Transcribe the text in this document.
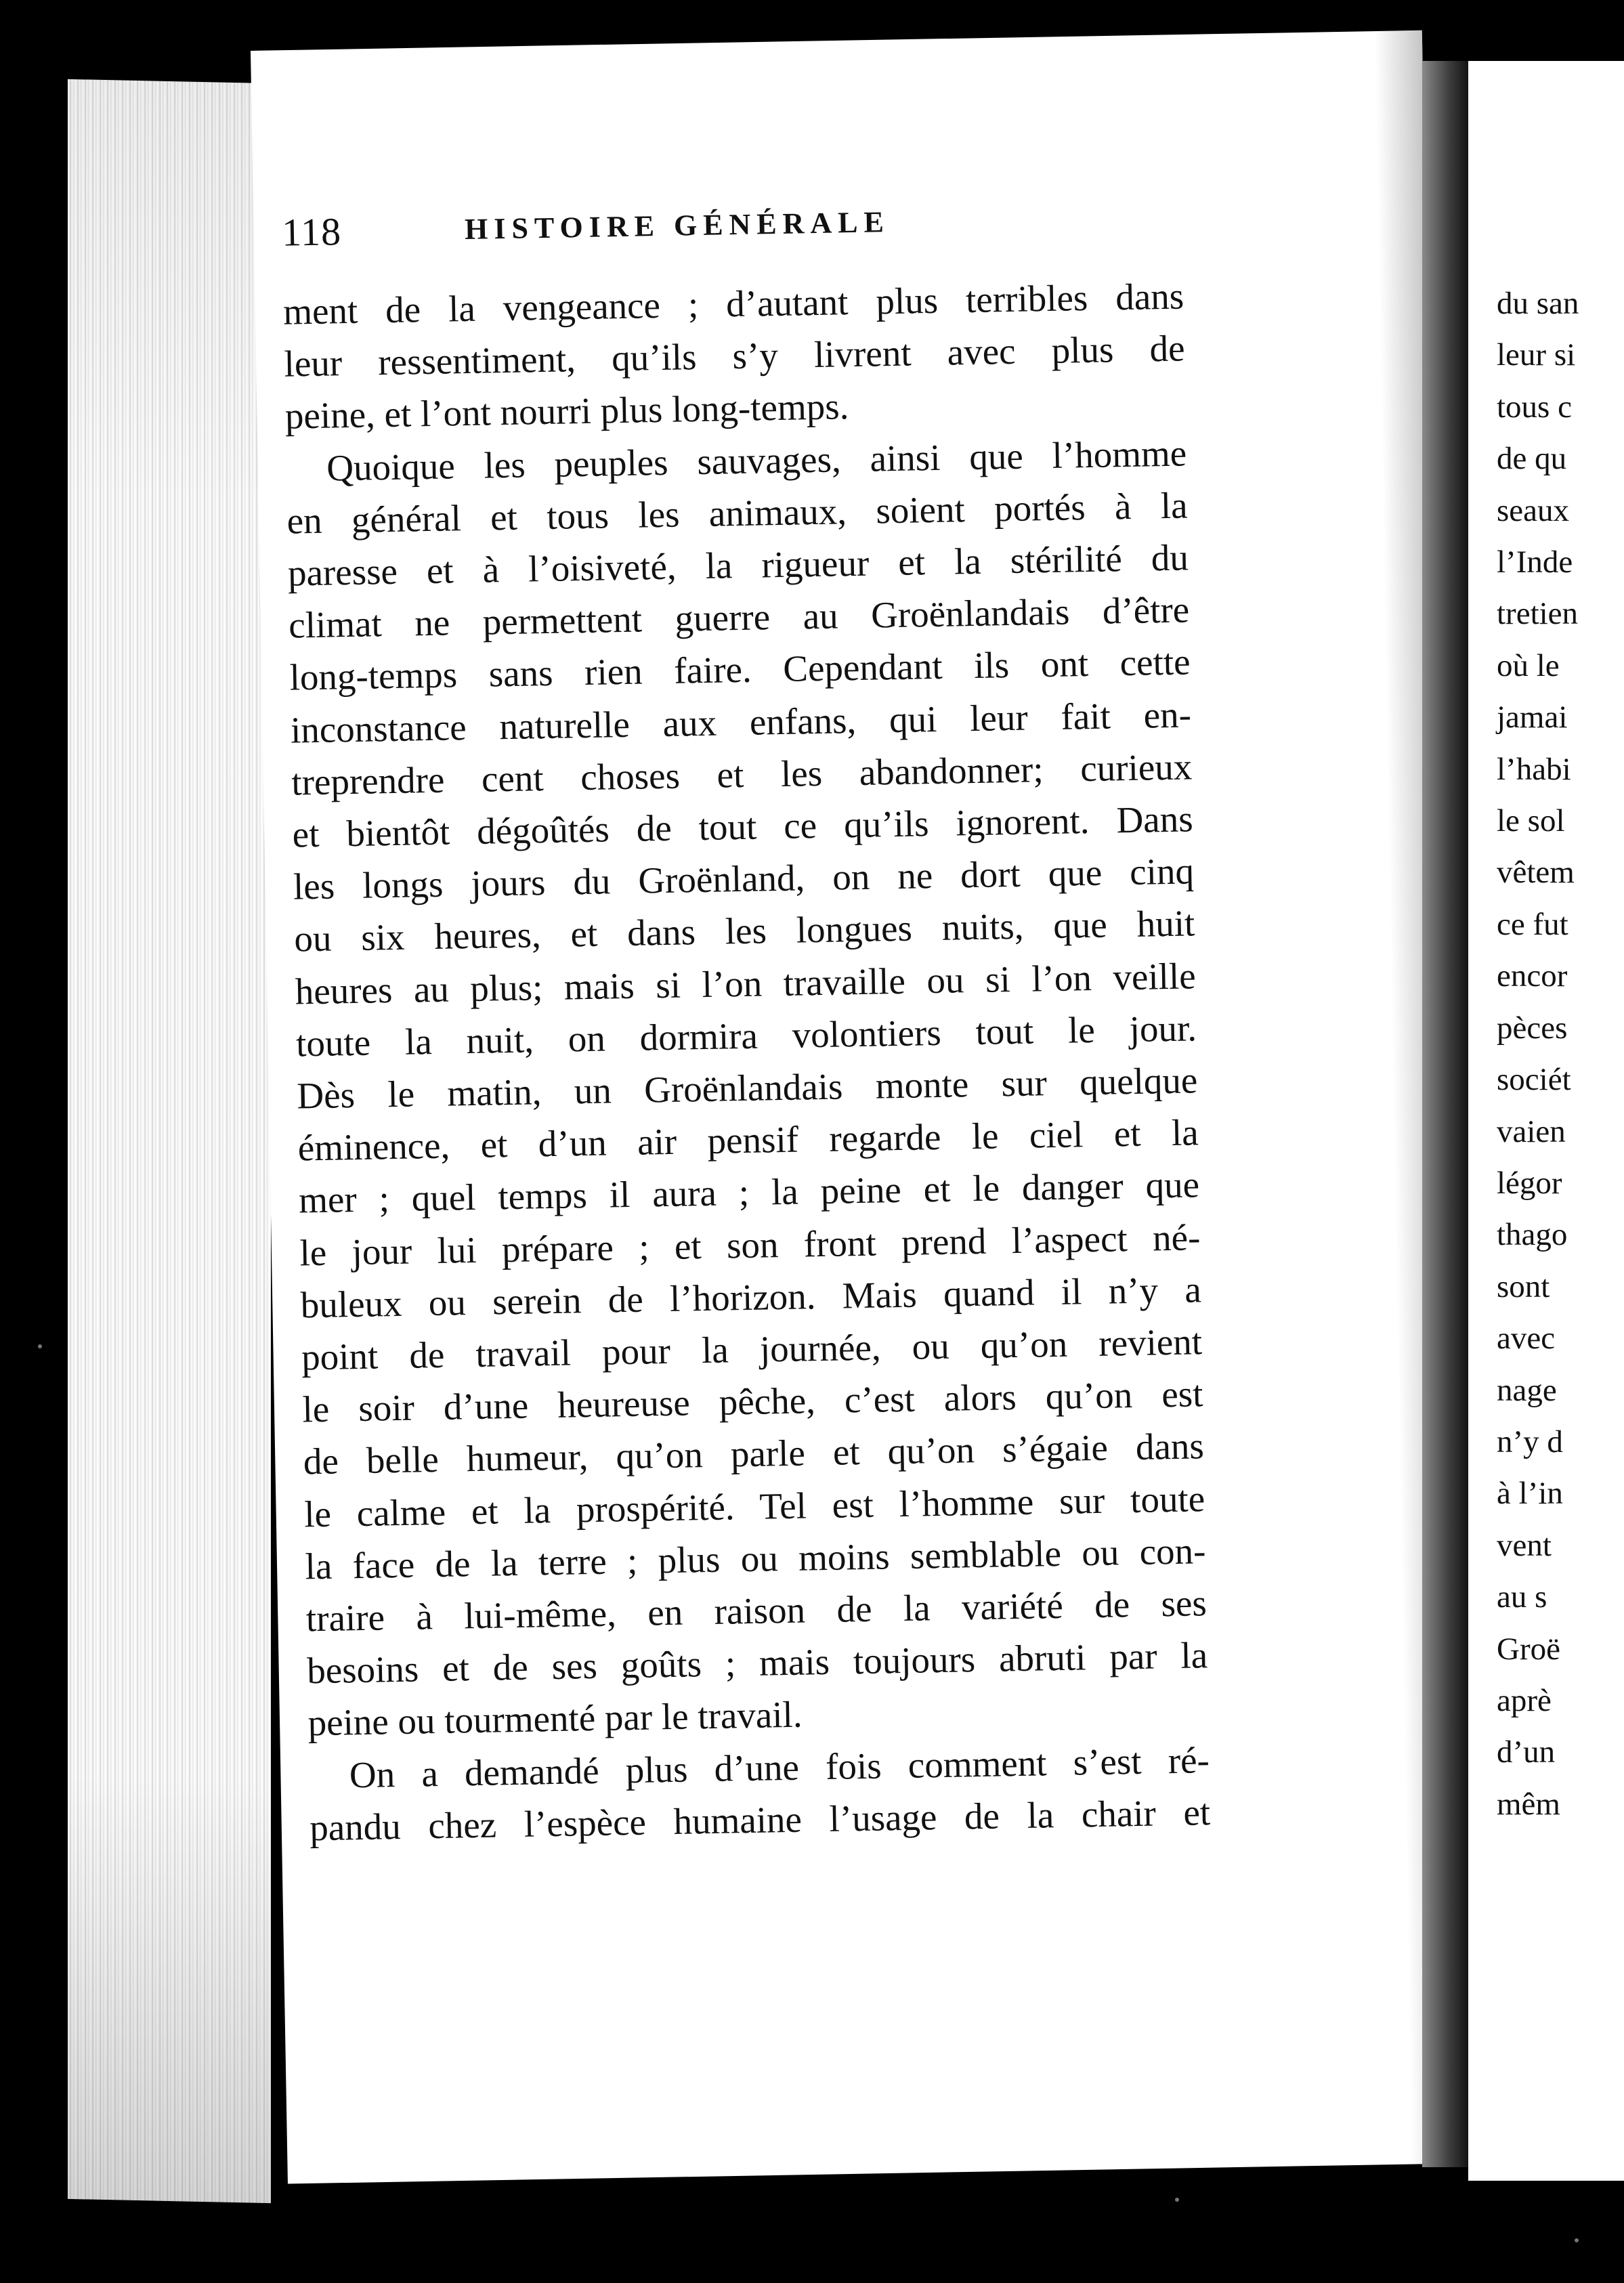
du san
leur si
tous c
de qu
seaux
l’Inde
tretien
où le
jamai
l’habi
le sol
vêtem
ce fut
encor
pèces
sociét
vaien
légor
thago
sont
avec
nage
n’y d
à l’in
vent
au s
Groë
aprè
d’un
mêm
118	HISTOIRE GÉNÉRALE
ment de la vengeance ; d’autant plus terribles dans
leur ressentiment, qu’ils s’y livrent avec plus de
peine, et l’ont nourri plus long-temps.
Quoique les peuples sauvages, ainsi que l’homme
en général et tous les animaux, soient portés à la
paresse et à l’oisiveté, la rigueur et la stérilité du
climat ne permettent guerre au Groënlandais d’être
long-temps sans rien faire. Cependant ils ont cette
inconstance naturelle aux enfans, qui leur fait en-
treprendre cent choses et les abandonner; curieux
et bientôt dégoûtés de tout ce qu’ils ignorent. Dans
les longs jours du Groënland, on ne dort que cinq
ou six heures, et dans les longues nuits, que huit
heures au plus; mais si l’on travaille ou si l’on veille
toute la nuit, on dormira volontiers tout le jour.
Dès le matin, un Groënlandais monte sur quelque
éminence, et d’un air pensif regarde le ciel et la
mer ; quel temps il aura ; la peine et le danger que
le jour lui prépare ; et son front prend l’aspect né-
buleux ou serein de l’horizon. Mais quand il n’y a
point de travail pour la journée, ou qu’on revient
le soir d’une heureuse pêche, c’est alors qu’on est
de belle humeur, qu’on parle et qu’on s’égaie dans
le calme et la prospérité. Tel est l’homme sur toute
la face de la terre ; plus ou moins semblable ou con-
traire à lui-même, en raison de la variété de ses
besoins et de ses goûts ; mais toujours abruti par la
peine ou tourmenté par le travail.
On a demandé plus d’une fois comment s’est ré-
pandu chez l’espèce humaine l’usage de la chair et
